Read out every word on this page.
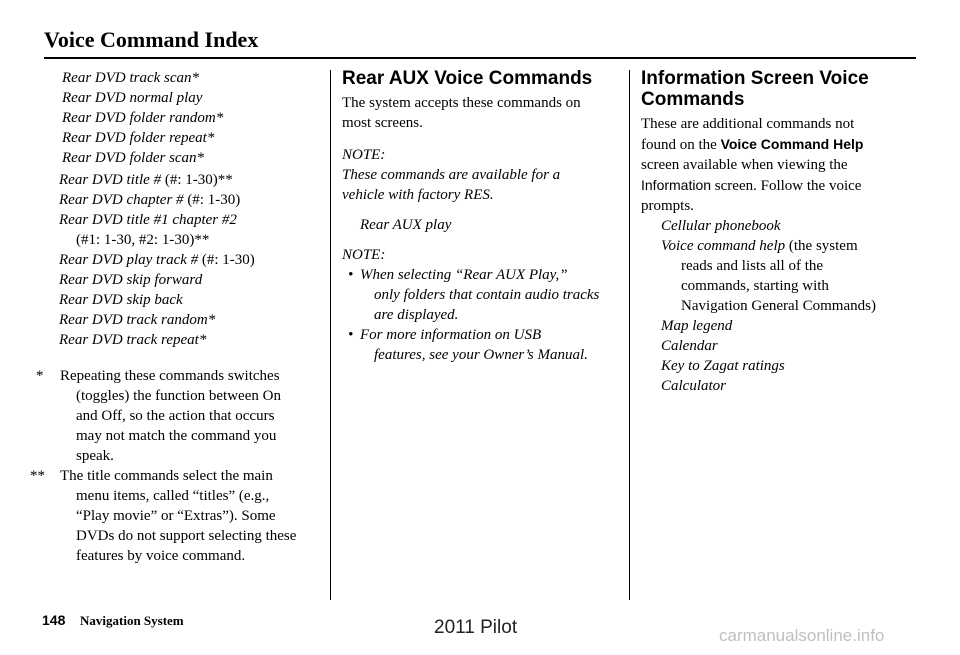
Voice Command Index
Rear DVD track scan*
Rear DVD normal play
Rear DVD folder random*
Rear DVD folder repeat*
Rear DVD folder scan*
Rear DVD title # (#: 1-30)**
Rear DVD chapter # (#: 1-30)
Rear DVD title #1 chapter #2
(#1: 1-30, #2: 1-30)**
Rear DVD play track # (#: 1-30)
Rear DVD skip forward
Rear DVD skip back
Rear DVD track random*
Rear DVD track repeat*
*	Repeating these commands switches
(toggles) the function between On
and Off, so the action that occurs
may not match the command you
speak.
**	The title commands select the main
menu items, called “titles” (e.g.,
“Play movie” or “Extras”). Some
DVDs do not support selecting these
features by voice command.
Rear AUX Voice Commands
The system accepts these commands on
most screens.
NOTE:
These commands are available for a
vehicle with factory RES.
Rear AUX play
NOTE:
• When selecting “Rear AUX Play,”
only folders that contain audio tracks
are displayed.
• For more information on USB
features, see your Owner’s Manual.
Information Screen Voice
Commands
These are additional commands not
found on the Voice Command Help
screen available when viewing the
Information screen. Follow the voice
prompts.
Cellular phonebook
Voice command help (the system
reads and lists all of the
commands, starting with
Navigation General Commands)
Map legend
Calendar
Key to Zagat ratings
Calculator
148 Navigation System	2011 Pilot	carmanualsonline.info
